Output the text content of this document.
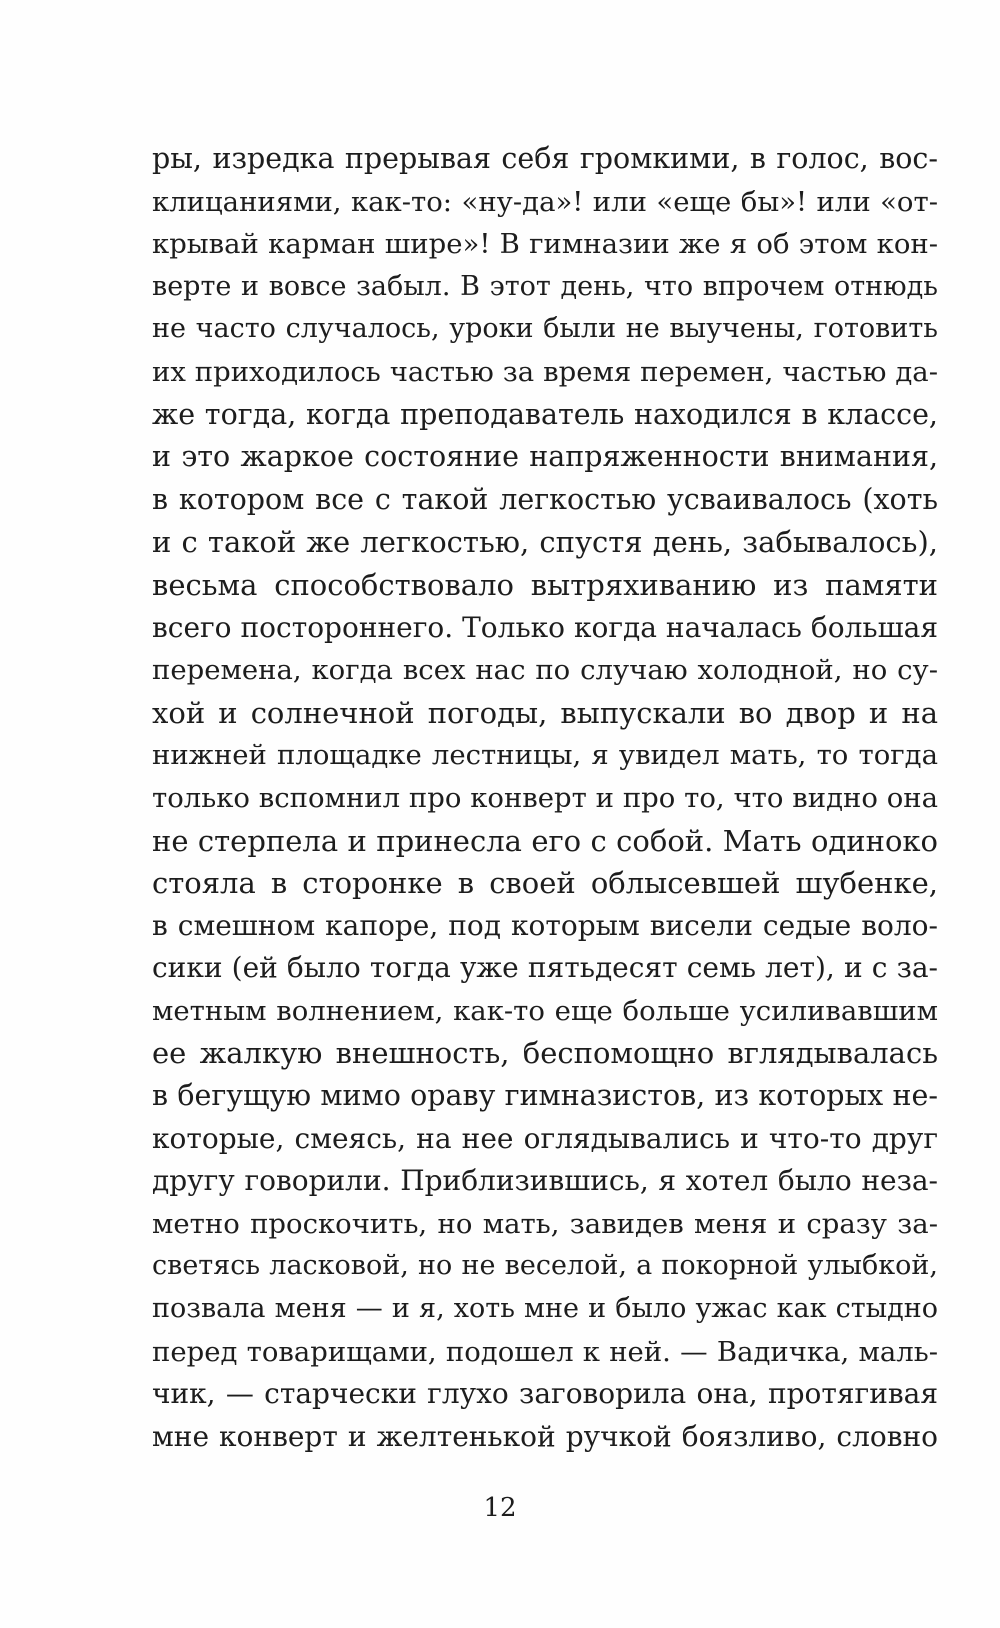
ры, изредка прерывая себя громкими, в голос, вос-
клицаниями, как-то: «ну-да»! или «еще бы»! или «от-
крывай карман шире»! В гимназии же я об этом кон-
верте и вовсе забыл. В этот день, что впрочем отнюдь
не часто случалось, уроки были не выучены, готовить
их приходилось частью за время перемен, частью да-
же тогда, когда преподаватель находился в классе,
и это жаркое состояние напряженности внимания,
в котором все с такой легкостью усваивалось (хоть
и с такой же легкостью, спустя день, забывалось),
весьма способствовало вытряхиванию из памяти
всего постороннего. Только когда началась большая
перемена, когда всех нас по случаю холодной, но су-
хой и солнечной погоды, выпускали во двор и на
нижней площадке лестницы, я увидел мать, то тогда
только вспомнил про конверт и про то, что видно она
не стерпела и принесла его с собой. Мать одиноко
стояла в сторонке в своей облысевшей шубенке,
в смешном капоре, под которым висели седые воло-
сики (ей было тогда уже пятьдесят семь лет), и с за-
метным волнением, как-то еще больше усиливавшим
ее жалкую внешность, беспомощно вглядывалась
в бегущую мимо ораву гимназистов, из которых не-
которые, смеясь, на нее оглядывались и что-то друг
другу говорили. Приблизившись, я хотел было неза-
метно проскочить, но мать, завидев меня и сразу за-
светясь ласковой, но не веселой, а покорной улыбкой,
позвала меня — и я, хоть мне и было ужас как стыдно
перед товарищами, подошел к ней. — Вадичка, маль-
чик, — старчески глухо заговорила она, протягивая
мне конверт и желтенькой ручкой боязливо, словно
12
